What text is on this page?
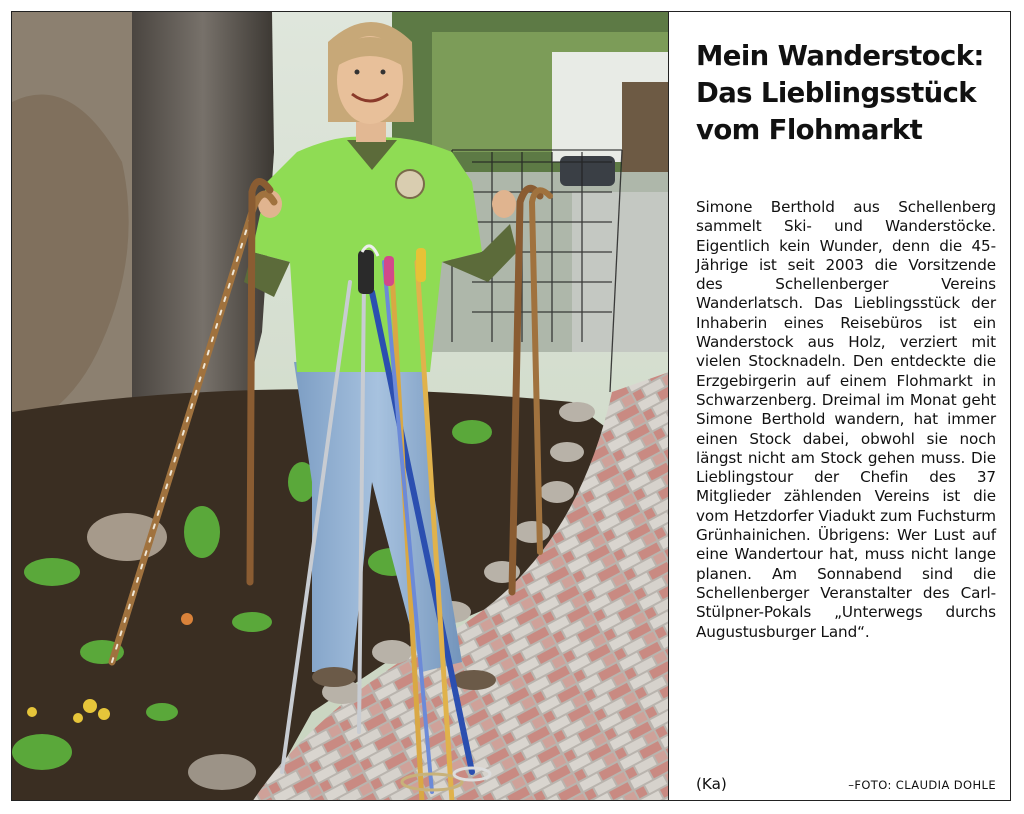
Mein Wanderstock:
Das Lieblingsstück
vom Flohmarkt
Simone Berthold aus Schellenberg sammelt Ski- und Wanderstöcke. Eigentlich kein Wunder, denn die 45-Jährige ist seit 2003 die Vorsitzende des Schellenberger Vereins Wanderlatsch. Das Lieblingsstück der Inhaberin eines Reisebüros ist ein Wanderstock aus Holz, verziert mit vielen Stocknadeln. Den entdeckte die Erzgebirgerin auf einem Flohmarkt in Schwarzenberg. Dreimal im Monat geht Simone Berthold wandern, hat immer einen Stock dabei, obwohl sie noch längst nicht am Stock gehen muss. Die Lieblingstour der Chefin des 37 Mitglieder zählenden Vereins ist die vom Hetzdorfer Viadukt zum Fuchsturm Grünhainichen. Übrigens: Wer Lust auf eine Wandertour hat, muss nicht lange planen. Am Sonnabend sind die Schellenberger Veranstalter des Carl-Stülpner-Pokals „Unterwegs durchs Augustusburger Land“.
(Ka)	–FOTO: CLAUDIA DOHLE
